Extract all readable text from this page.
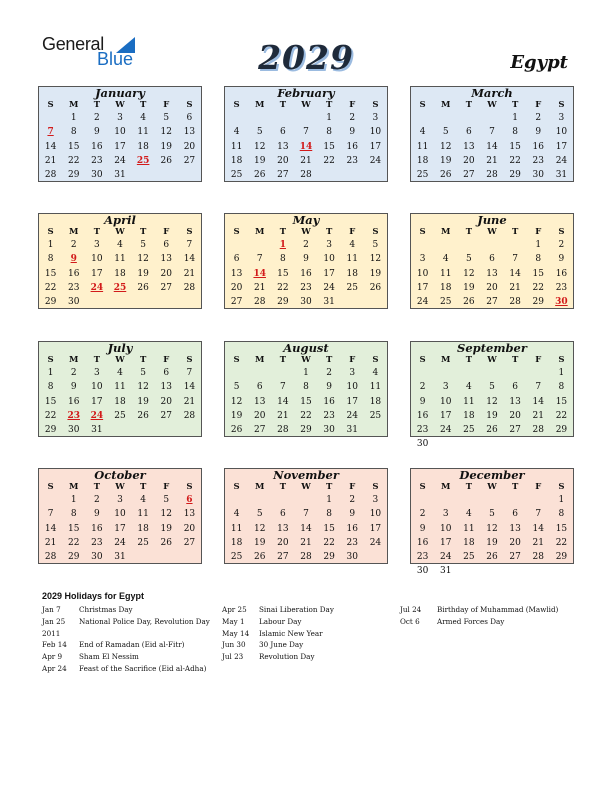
General
Blue	2029	Egypt
January
S	M	T	W	T	F	S
	1	2	3	4	5	6
7	8	9	10	11	12	13
14	15	16	17	18	19	20
21	22	23	24	25	26	27
28	29	30	31			

February
S	M	T	W	T	F	S
				1	2	3
4	5	6	7	8	9	10
11	12	13	14	15	16	17
18	19	20	21	22	23	24
25	26	27	28			

March
S	M	T	W	T	F	S
				1	2	3
4	5	6	7	8	9	10
11	12	13	14	15	16	17
18	19	20	21	22	23	24
25	26	27	28	29	30	31

April
S	M	T	W	T	F	S
1	2	3	4	5	6	7
8	9	10	11	12	13	14
15	16	17	18	19	20	21
22	23	24	25	26	27	28
29	30					

May
S	M	T	W	T	F	S
		1	2	3	4	5
6	7	8	9	10	11	12
13	14	15	16	17	18	19
20	21	22	23	24	25	26
27	28	29	30	31		

June
S	M	T	W	T	F	S
					1	2
3	4	5	6	7	8	9
10	11	12	13	14	15	16
17	18	19	20	21	22	23
24	25	26	27	28	29	30

July
S	M	T	W	T	F	S
1	2	3	4	5	6	7
8	9	10	11	12	13	14
15	16	17	18	19	20	21
22	23	24	25	26	27	28
29	30	31				

August
S	M	T	W	T	F	S
			1	2	3	4
5	6	7	8	9	10	11
12	13	14	15	16	17	18
19	20	21	22	23	24	25
26	27	28	29	30	31	

September
S	M	T	W	T	F	S
						1
2	3	4	5	6	7	8
9	10	11	12	13	14	15
16	17	18	19	20	21	22
23	24	25	26	27	28	29
30						
October
S	M	T	W	T	F	S
	1	2	3	4	5	6
7	8	9	10	11	12	13
14	15	16	17	18	19	20
21	22	23	24	25	26	27
28	29	30	31			

November
S	M	T	W	T	F	S
				1	2	3
4	5	6	7	8	9	10
11	12	13	14	15	16	17
18	19	20	21	22	23	24
25	26	27	28	29	30	

December
S	M	T	W	T	F	S
						1
2	3	4	5	6	7	8
9	10	11	12	13	14	15
16	17	18	19	20	21	22
23	24	25	26	27	28	29
30	31					
2029 Holidays for Egypt
Jan 7	Christmas Day
Jan 25 National Police Day, Revolution Day
2011
Feb 14 End of Ramadan (Eid al-Fitr)
Apr 9 Sham El Nessim
Apr 24 Feast of the Sacrifice (Eid al-Adha)
Apr 25 Sinai Liberation Day
May 1 Labour Day
May 14 Islamic New Year
Jun 30 30 June Day
Jul 23 Revolution Day
Jul 24 Birthday of Muhammad (Mawlid)
Oct 6 Armed Forces Day
